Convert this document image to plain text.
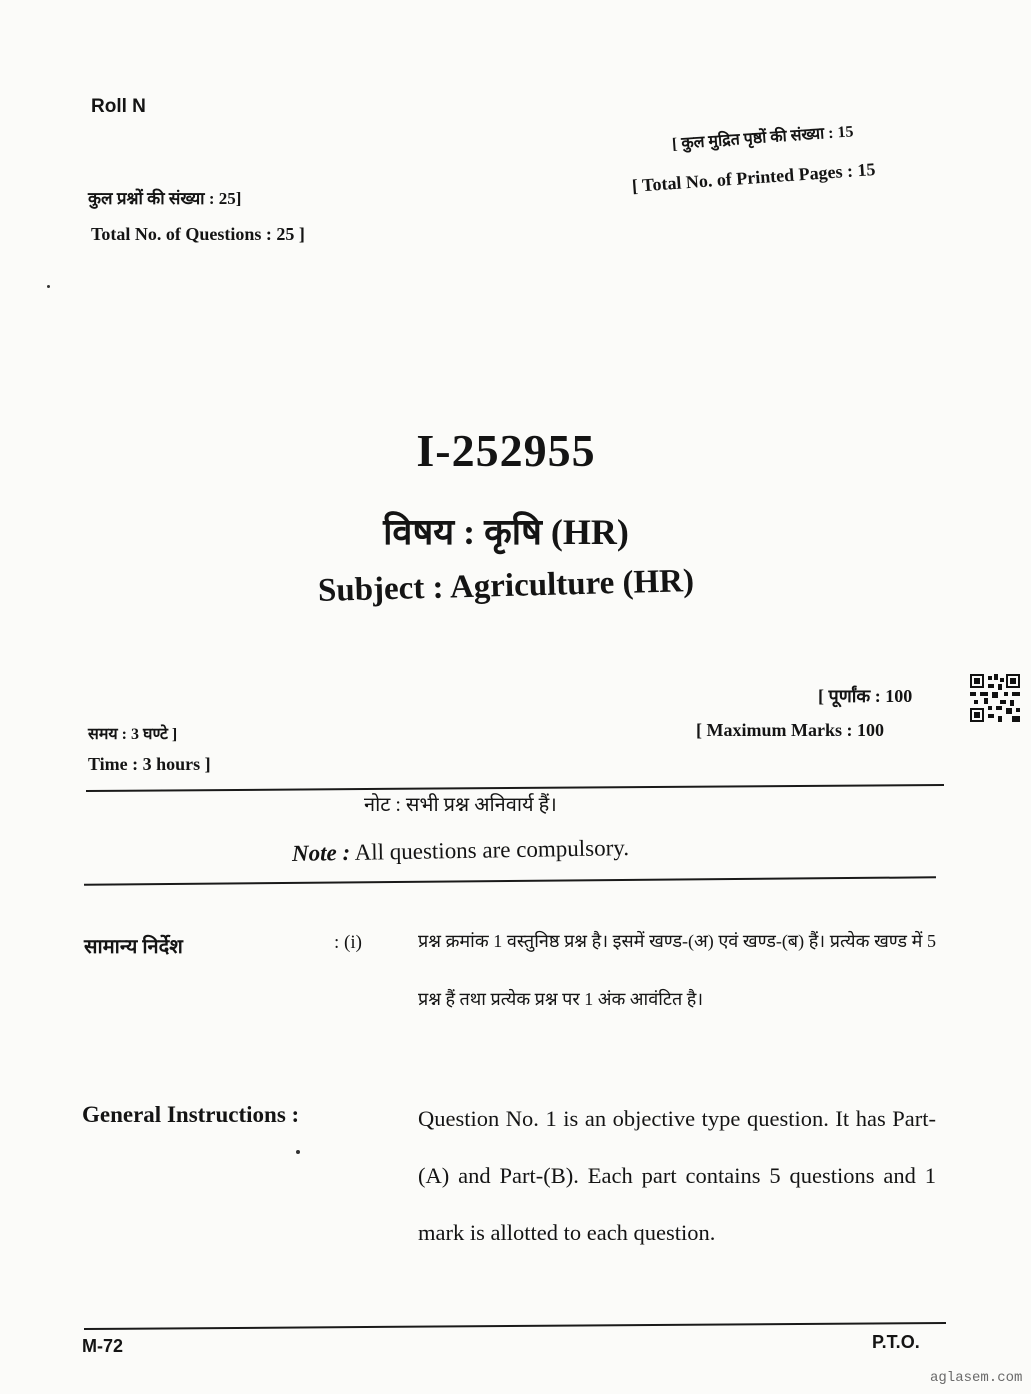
Roll N
कुल प्रश्नों की संख्या : 25]
Total No. of Questions : 25 ]
[ कुल मुद्रित पृष्ठों की संख्या : 15
[ Total No. of Printed Pages : 15
I-252955
विषय : कृषि (HR)
Subject : Agriculture (HR)
[ पूर्णांक : 100
[ Maximum Marks : 100
समय : 3 घण्टे ]
Time : 3 hours ]
नोट : सभी प्रश्न अनिवार्य हैं।
Note : All questions are compulsory.
सामान्य निर्देश	: (i)	प्रश्न क्रमांक 1 वस्तुनिष्ठ प्रश्न है। इसमें खण्ड-(अ) एवं खण्ड-(ब) हैं। प्रत्येक खण्ड में 5 प्रश्न हैं तथा प्रत्येक प्रश्न पर 1 अंक आवंटित है।
General Instructions :	Question No. 1 is an objective type question. It has Part-(A) and Part-(B). Each part contains 5 questions and 1 mark is allotted to each question.
M-72	P.T.O.
aglasem.com
